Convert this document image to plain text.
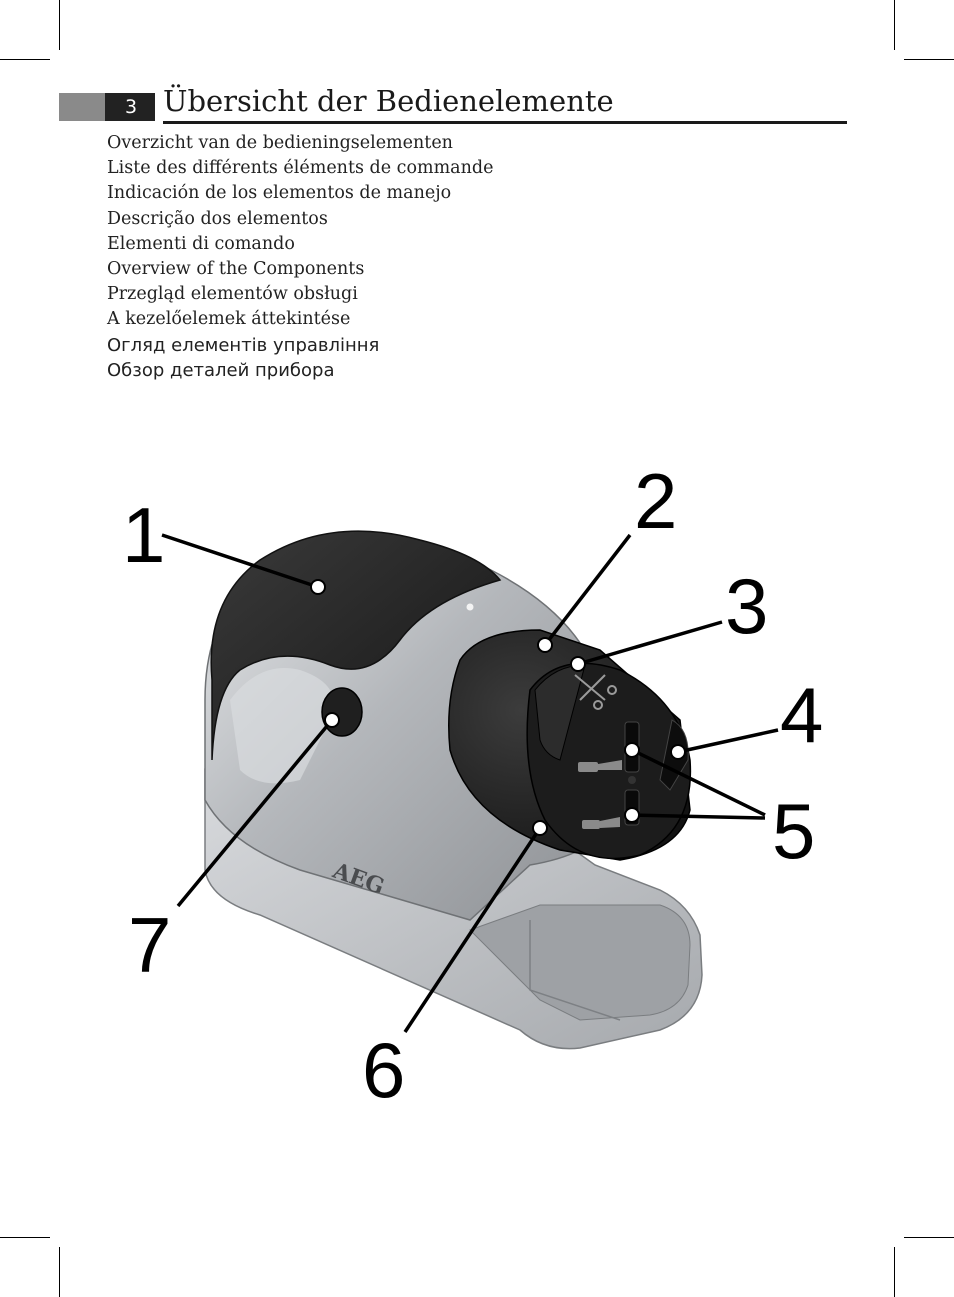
3 Übersicht der Bedienelemente
Overzicht van de bedieningselementen
Liste des différents éléments de commande
Indicación de los elementos de manejo
Descrição dos elementos
Elementi di comando
Overview of the Components
Przegląd elementów obsługi
A kezelőelemek áttekintése
Огляд елементів управління
Обзор деталей прибора
AEG
1	2
3
4
5
6
7
